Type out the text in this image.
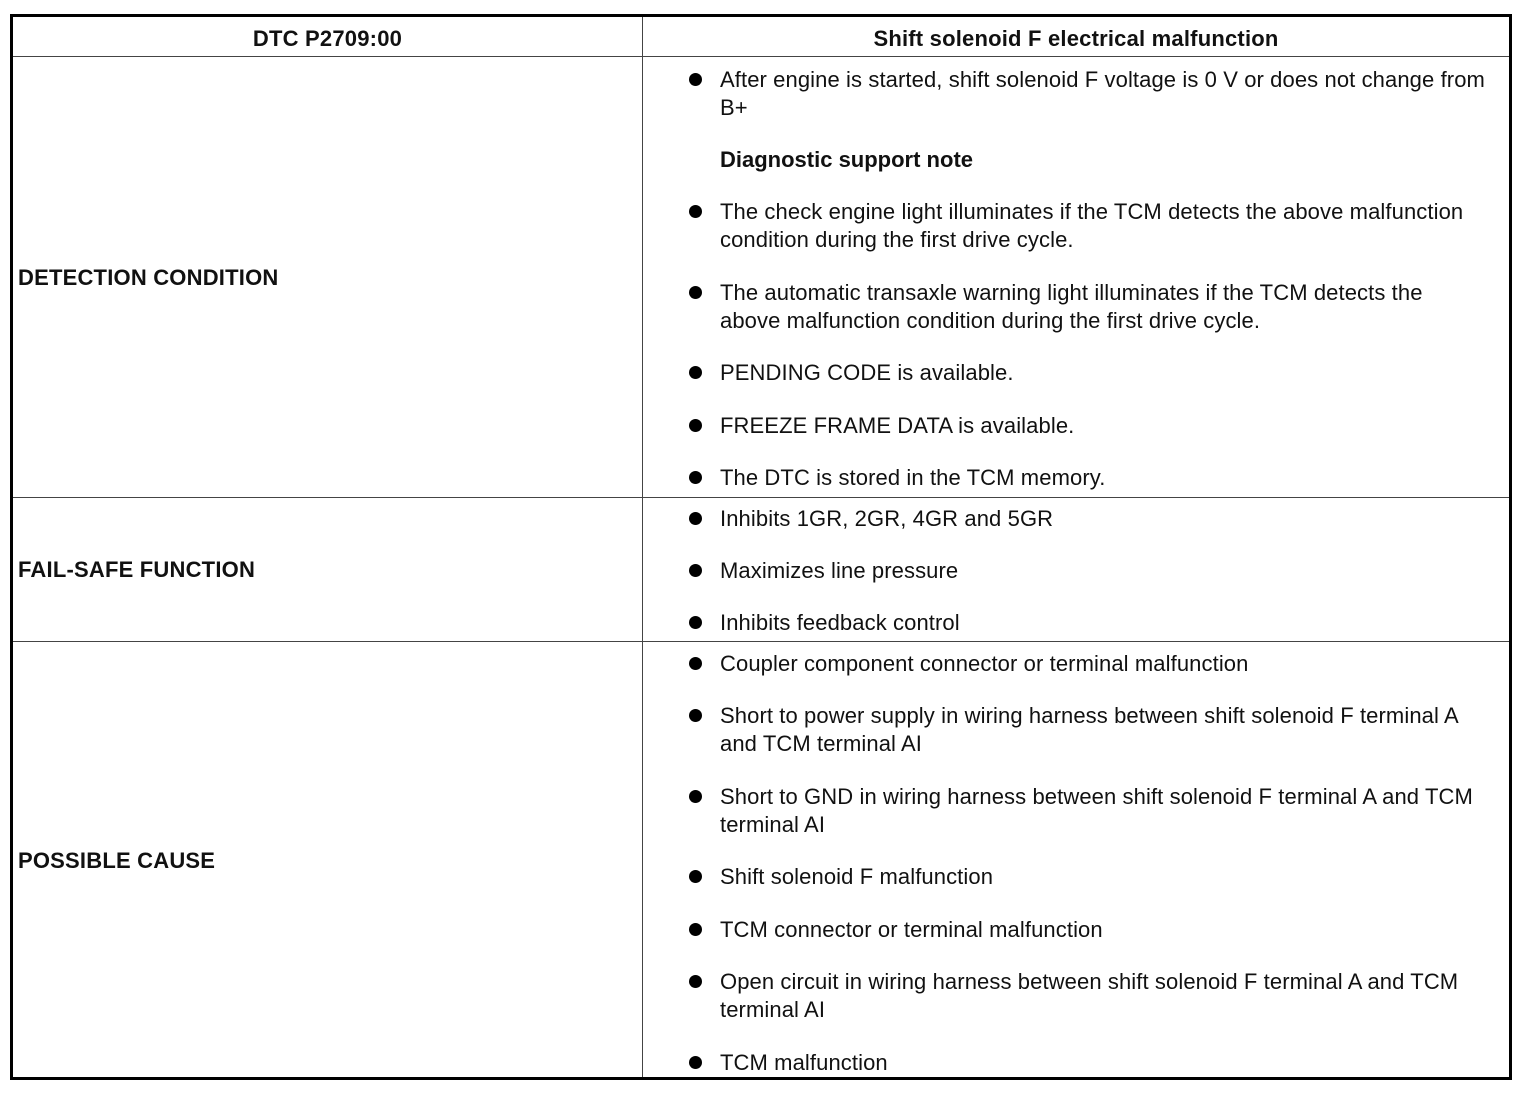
DTC P2709:00	Shift solenoid F electrical malfunction
DETECTION CONDITION
After engine is started, shift solenoid F voltage is 0 V or does not change from B+
Diagnostic support note
The check engine light illuminates if the TCM detects the above malfunction condition during the first drive cycle.
The automatic transaxle warning light illuminates if the TCM detects the above malfunction condition during the first drive cycle.
PENDING CODE is available.
FREEZE FRAME DATA is available.
The DTC is stored in the TCM memory.
FAIL-SAFE FUNCTION
Inhibits 1GR, 2GR, 4GR and 5GR
Maximizes line pressure
Inhibits feedback control
POSSIBLE CAUSE
Coupler component connector or terminal malfunction
Short to power supply in wiring harness between shift solenoid F terminal A and TCM terminal AI
Short to GND in wiring harness between shift solenoid F terminal A and TCM terminal AI
Shift solenoid F malfunction
TCM connector or terminal malfunction
Open circuit in wiring harness between shift solenoid F terminal A and TCM terminal AI
TCM malfunction
